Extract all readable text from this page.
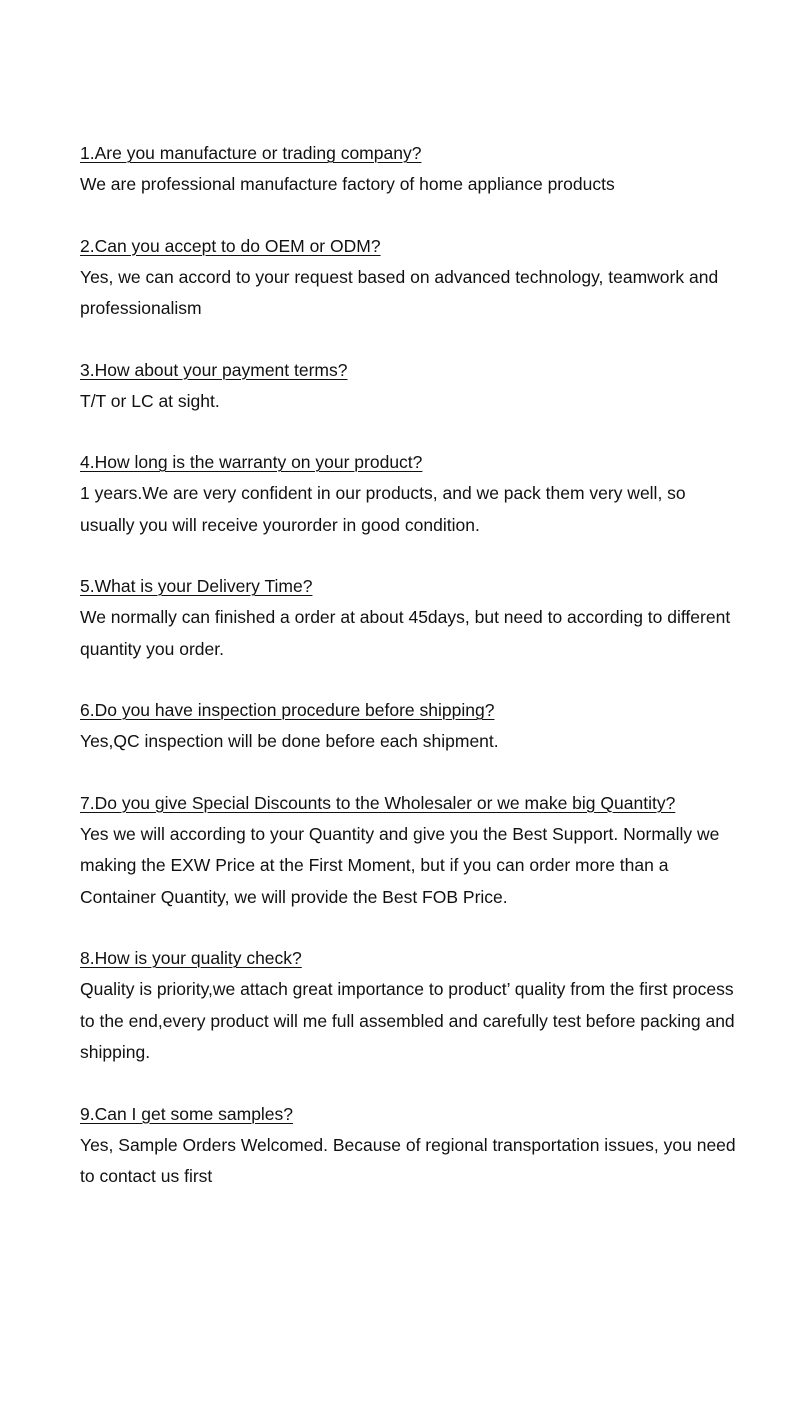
1.Are you manufacture or trading company?

We are professional manufacture factory of home appliance products

2.Can you accept to do OEM or ODM?

Yes, we can accord to your request based on advanced technology, teamwork and professionalism

3.How about your payment terms?

T/T or LC at sight.

4.How long is the warranty on your product?

1 years.We are very confident in our products, and we pack them very well, so usually you will receive yourorder in good condition.

5.What is your Delivery Time?

We normally can finished a order at about 45days, but need to according to different quantity you order.

6.Do you have inspection procedure before shipping?

Yes,QC inspection will be done before each shipment.

7.Do you give Special Discounts to the Wholesaler or we make big Quantity?

Yes we will according to your Quantity and give you the Best Support. Normally we making the EXW Price at the First Moment, but if you can order more than a Container Quantity, we will provide the Best FOB Price.

8.How is your quality check?

Quality is priority,we attach great importance to product’ quality from the first process to the end,every product will me full assembled and carefully test before packing and shipping.

9.Can I get some samples?

Yes, Sample Orders Welcomed. Because of regional transportation issues, you need to contact us first
